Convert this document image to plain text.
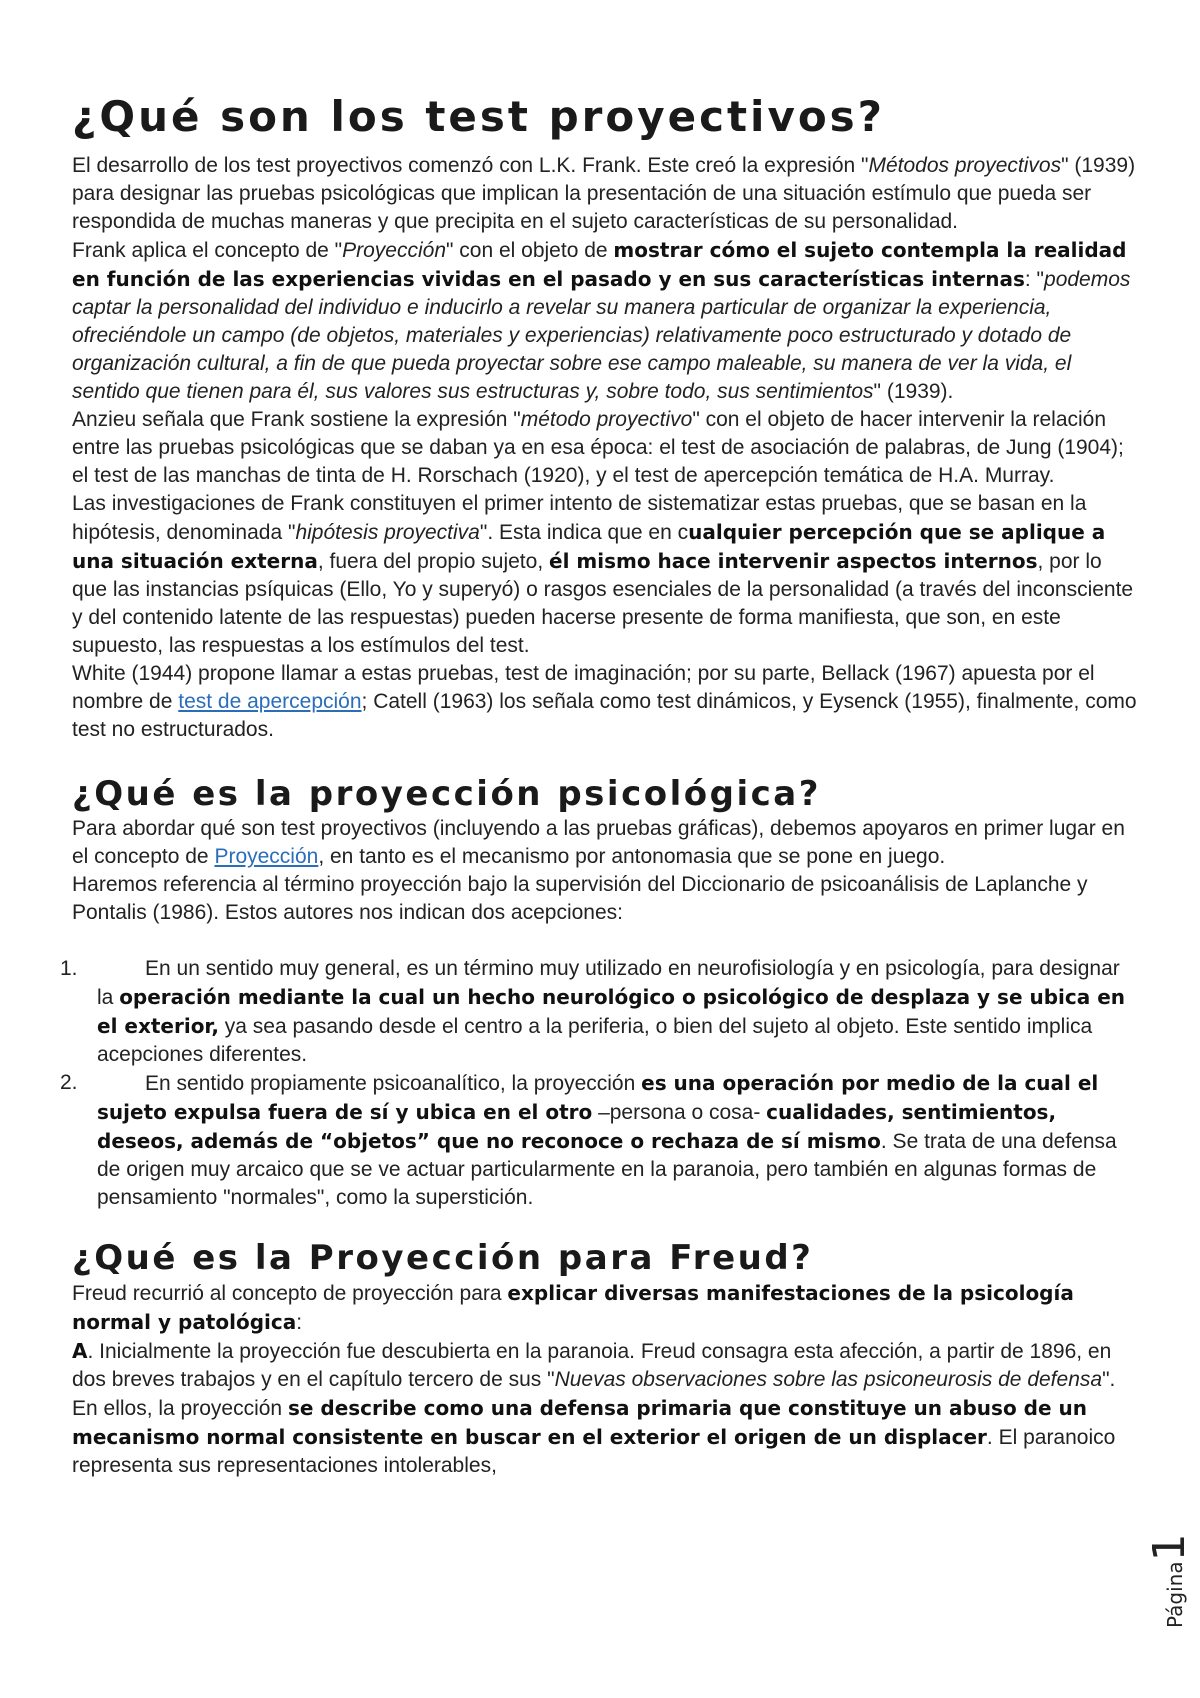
¿Qué son los test proyectivos?

El desarrollo de los test proyectivos comenzó con L.K. Frank. Este creó la expresión "Métodos proyectivos" (1939) para designar las pruebas psicológicas que implican la presentación de una situación estímulo que pueda ser respondida de muchas maneras y que precipita en el sujeto características de su personalidad.

Frank aplica el concepto de "Proyección" con el objeto de mostrar cómo el sujeto contempla la realidad en función de las experiencias vividas en el pasado y en sus características internas: "podemos captar la personalidad del individuo e inducirlo a revelar su manera particular de organizar la experiencia, ofreciéndole un campo (de objetos, materiales y experiencias) relativamente poco estructurado y dotado de organización cultural, a fin de que pueda proyectar sobre ese campo maleable, su manera de ver la vida, el sentido que tienen para él, sus valores sus estructuras y, sobre todo, sus sentimientos" (1939).

Anzieu señala que Frank sostiene la expresión "método proyectivo" con el objeto de hacer intervenir la relación entre las pruebas psicológicas que se daban ya en esa época: el test de asociación de palabras, de Jung (1904); el test de las manchas de tinta de H. Rorschach (1920), y el test de apercepción temática de H.A. Murray.

Las investigaciones de Frank constituyen el primer intento de sistematizar estas pruebas, que se basan en la hipótesis, denominada "hipótesis proyectiva". Esta indica que en cualquier percepción que se aplique a una situación externa, fuera del propio sujeto, él mismo hace intervenir aspectos internos, por lo que las instancias psíquicas (Ello, Yo y superyó) o rasgos esenciales de la personalidad (a través del inconsciente y del contenido latente de las respuestas) pueden hacerse presente de forma manifiesta, que son, en este supuesto, las respuestas a los estímulos del test.

White (1944) propone llamar a estas pruebas, test de imaginación; por su parte, Bellack (1967) apuesta por el nombre de test de apercepción; Catell (1963) los señala como test dinámicos, y Eysenck (1955), finalmente, como test no estructurados.

¿Qué es la proyección psicológica?

Para abordar qué son test proyectivos (incluyendo a las pruebas gráficas), debemos apoyaros en primer lugar en el concepto de Proyección, en tanto es el mecanismo por antonomasia que se pone en juego.

Haremos referencia al término proyección bajo la supervisión del Diccionario de psicoanálisis de Laplanche y Pontalis (1986). Estos autores nos indican dos acepciones:

1.	En un sentido muy general, es un término muy utilizado en neurofisiología y en psicología, para designar la operación mediante la cual un hecho neurológico o psicológico de desplaza y se ubica en el exterior, ya sea pasando desde el centro a la periferia, o bien del sujeto al objeto. Este sentido implica acepciones diferentes.
2.	En sentido propiamente psicoanalítico, la proyección es una operación por medio de la cual el sujeto expulsa fuera de sí y ubica en el otro –persona o cosa- cualidades, sentimientos, deseos, además de “objetos” que no reconoce o rechaza de sí mismo. Se trata de una defensa de origen muy arcaico que se ve actuar particularmente en la paranoia, pero también en algunas formas de pensamiento "normales", como la superstición.
¿Qué es la Proyección para Freud?

Freud recurrió al concepto de proyección para explicar diversas manifestaciones de la psicología normal y patológica:

A. Inicialmente la proyección fue descubierta en la paranoia. Freud consagra esta afección, a partir de 1896, en dos breves trabajos y en el capítulo tercero de sus "Nuevas observaciones sobre las psiconeurosis de defensa". En ellos, la proyección se describe como una defensa primaria que constituye un abuso de un mecanismo normal consistente en buscar en el exterior el origen de un displacer. El paranoico representa sus representaciones intolerables,

Página1
